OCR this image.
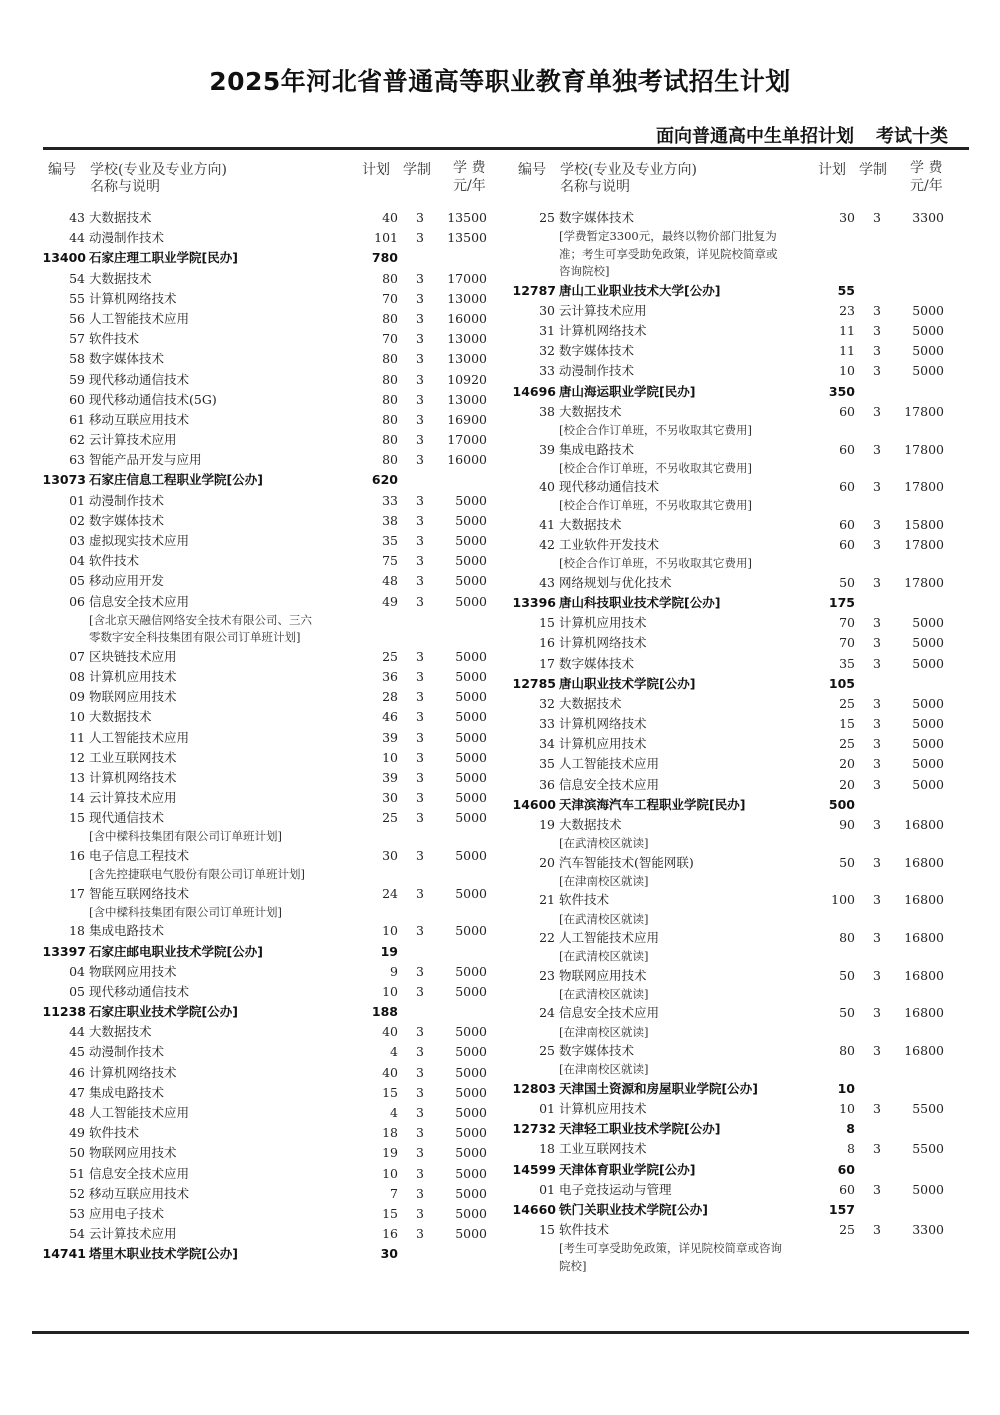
2025年河北省普通高等职业教育单独考试招生计划
面向普通高中生单招计划 考试十类
编号 学校(专业及专业方向)
名称与说明
计划 学制 学 费
元/年
43 大数据技术	40 3 13500
44 动漫制作技术	101 3 13500
13400 石家庄理工职业学院[民办]	780
54 大数据技术	80 3 17000
55 计算机网络技术	70 3 13000
56 人工智能技术应用	80 3 16000
57 软件技术	70 3 13000
58 数字媒体技术	80 3 13000
59 现代移动通信技术	80 3 10920
60 现代移动通信技术(5G)	80 3 13000
61 移动互联应用技术	80 3 16900
62 云计算技术应用	80 3 17000
63 智能产品开发与应用	80 3 16000
13073 石家庄信息工程职业学院[公办]	620
01 动漫制作技术	33 3	5000
02 数字媒体技术	38 3	5000
03 虚拟现实技术应用	35 3	5000
04 软件技术	75 3	5000
05 移动应用开发	48 3	5000
06 信息安全技术应用	49 3	5000
[含北京天融信网络安全技术有限公司、三六
零数字安全科技集团有限公司订单班计划]
07 区块链技术应用	25 3	5000
08 计算机应用技术	36 3	5000
09 物联网应用技术	28 3	5000
10 大数据技术	46 3	5000
11 人工智能技术应用	39 3	5000
12 工业互联网技术	10 3	5000
13 计算机网络技术	39 3	5000
14 云计算技术应用	30 3	5000
15 现代通信技术	25 3	5000
[含中樑科技集团有限公司订单班计划]
16 电子信息工程技术	30 3	5000
[含先控捷联电气股份有限公司订单班计划]
17 智能互联网络技术	24 3	5000
[含中樑科技集团有限公司订单班计划]
18 集成电路技术	10 3	5000
13397 石家庄邮电职业技术学院[公办]	19
04 物联网应用技术	9 3	5000
05 现代移动通信技术	10 3	5000
11238 石家庄职业技术学院[公办]	188
44 大数据技术	40 3	5000
45 动漫制作技术	4 3	5000
46 计算机网络技术	40 3	5000
47 集成电路技术	15 3	5000
48 人工智能技术应用	4 3	5000
49 软件技术	18 3	5000
50 物联网应用技术	19 3	5000
51 信息安全技术应用	10 3	5000
52 移动互联应用技术	7 3	5000
53 应用电子技术	15 3	5000
54 云计算技术应用	16 3	5000
14741 塔里木职业技术学院[公办]	30
编号 学校(专业及专业方向)
名称与说明
计划 学制 学 费
元/年
25 数字媒体技术	30 3	3300
[学费暂定3300元，最终以物价部门批复为
准；考生可享受助免政策，详见院校简章或
咨询院校]
12787 唐山工业职业技术大学[公办]	55
30 云计算技术应用	23 3	5000
31 计算机网络技术	11 3	5000
32 数字媒体技术	11 3	5000
33 动漫制作技术	10 3	5000
14696 唐山海运职业学院[民办]	350
38 大数据技术	60 3 17800
[校企合作订单班，不另收取其它费用]
39 集成电路技术	60 3 17800
[校企合作订单班，不另收取其它费用]
40 现代移动通信技术	60 3 17800
[校企合作订单班，不另收取其它费用]
41 大数据技术	60 3 15800
42 工业软件开发技术	60 3 17800
[校企合作订单班，不另收取其它费用]
43 网络规划与优化技术	50 3 17800
13396 唐山科技职业技术学院[公办]	175
15 计算机应用技术	70 3	5000
16 计算机网络技术	70 3	5000
17 数字媒体技术	35 3	5000
12785 唐山职业技术学院[公办]	105
32 大数据技术	25 3	5000
33 计算机网络技术	15 3	5000
34 计算机应用技术	25 3	5000
35 人工智能技术应用	20 3	5000
36 信息安全技术应用	20 3	5000
14600 天津滨海汽车工程职业学院[民办]	500
19 大数据技术	90 3 16800
[在武清校区就读]
20 汽车智能技术(智能网联)	50 3 16800
[在津南校区就读]
21 软件技术	100 3 16800
[在武清校区就读]
22 人工智能技术应用	80 3 16800
[在武清校区就读]
23 物联网应用技术	50 3 16800
[在武清校区就读]
24 信息安全技术应用	50 3 16800
[在津南校区就读]
25 数字媒体技术	80 3 16800
[在津南校区就读]
12803 天津国土资源和房屋职业学院[公办]	10
01 计算机应用技术	10 3	5500
12732 天津轻工职业技术学院[公办]	8
18 工业互联网技术	8 3	5500
14599 天津体育职业学院[公办]	60
01 电子竞技运动与管理	60 3	5000
14660 铁门关职业技术学院[公办]	157
15 软件技术	25 3	3300
[考生可享受助免政策，详见院校简章或咨询
院校]
